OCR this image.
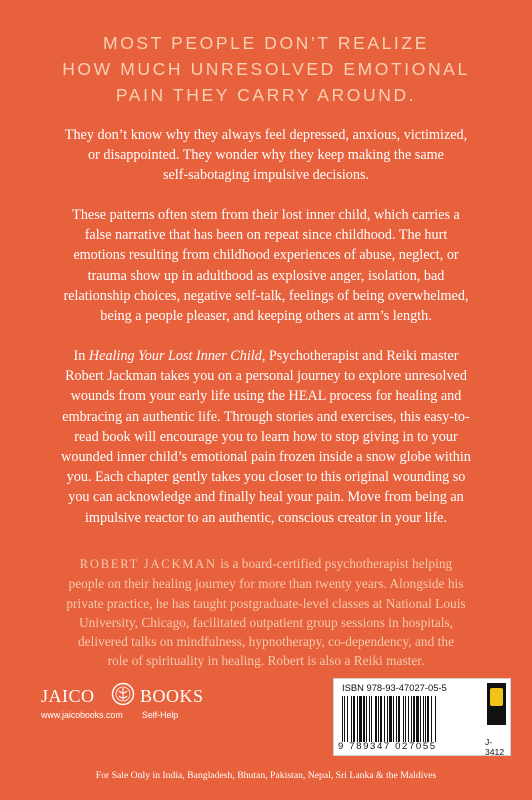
MOST PEOPLE DON’T REALIZE
HOW MUCH UNRESOLVED EMOTIONAL
PAIN THEY CARRY AROUND.
They don’t know why they always feel depressed, anxious, victimized,
or disappointed. They wonder why they keep making the same
self-sabotaging impulsive decisions.
These patterns often stem from their lost inner child, which carries a
false narrative that has been on repeat since childhood. The hurt
emotions resulting from childhood experiences of abuse, neglect, or
trauma show up in adulthood as explosive anger, isolation, bad
relationship choices, negative self-talk, feelings of being overwhelmed,
being a people pleaser, and keeping others at arm’s length.
In Healing Your Lost Inner Child, Psychotherapist and Reiki master
Robert Jackman takes you on a personal journey to explore unresolved
wounds from your early life using the HEAL process for healing and
embracing an authentic life. Through stories and exercises, this easy-to-
read book will encourage you to learn how to stop giving in to your
wounded inner child’s emotional pain frozen inside a snow globe within
you. Each chapter gently takes you closer to this original wounding so
you can acknowledge and finally heal your pain. Move from being an
impulsive reactor to an authentic, conscious creator in your life.
ROBERT JACKMAN is a board-certified psychotherapist helping
people on their healing journey for more than twenty years. Alongside his
private practice, he has taught postgraduate-level classes at National Louis
University, Chicago, facilitated outpatient group sessions in hospitals,
delivered talks on mindfulness, hypnotherapy, co-dependency, and the
role of spirituality in healing. Robert is also a Reiki master.
JAICO	BOOKS
www.jaicobooks.com Self-Help
ISBN 978-93-47027-05-5
9 789347 027055	J-3412
For Sale Only in India, Bangladesh, Bhutan, Pakistan, Nepal, Sri Lanka & the Maldives
